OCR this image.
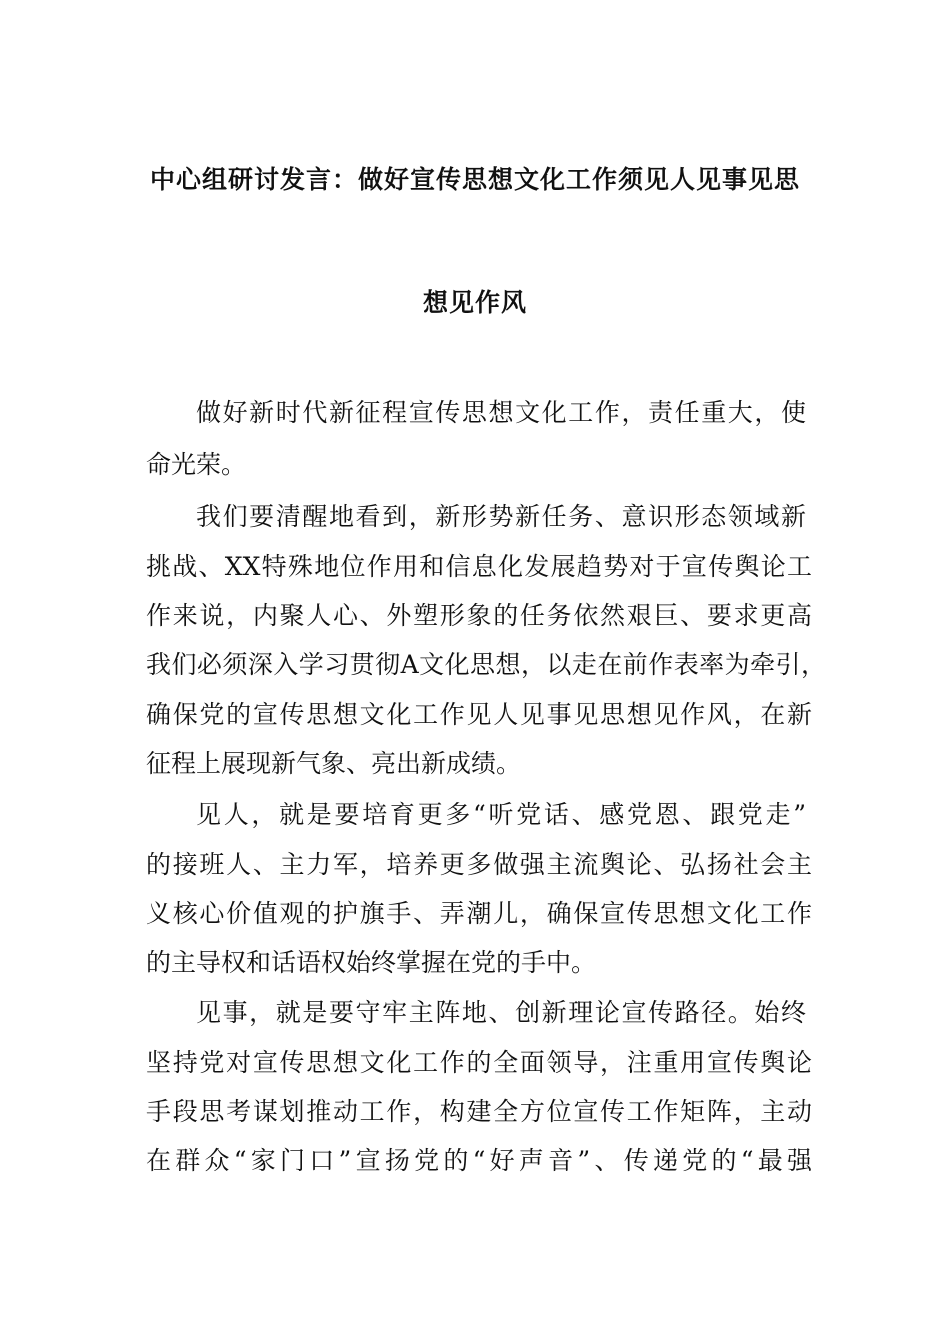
中心组研讨发言：做好宣传思想文化工作须见人见事见思
想见作风
做好新时代新征程宣传思想文化工作，责任重大，使
命光荣。
我们要清醒地看到，新形势新任务、意识形态领域新
挑战、XX特殊地位作用和信息化发展趋势对于宣传舆论工
作来说，内聚人心、外塑形象的任务依然艰巨、要求更高
我们必须深入学习贯彻A文化思想，以走在前作表率为牵引，
确保党的宣传思想文化工作见人见事见思想见作风，在新
征程上展现新气象、亮出新成绩。
见人，就是要培育更多“听党话、感党恩、跟党走”
的接班人、主力军，培养更多做强主流舆论、弘扬社会主
义核心价值观的护旗手、弄潮儿，确保宣传思想文化工作
的主导权和话语权始终掌握在党的手中。
见事，就是要守牢主阵地、创新理论宣传路径。始终
坚持党对宣传思想文化工作的全面领导，注重用宣传舆论
手段思考谋划推动工作，构建全方位宣传工作矩阵，主动
在群众“家门口”宣扬党的“好声音”、传递党的“最强
